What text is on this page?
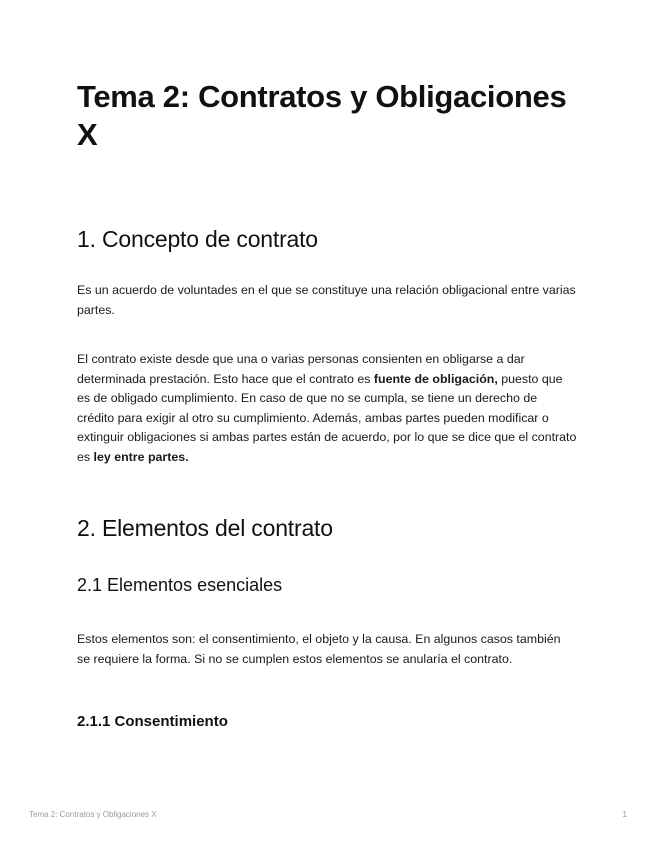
Tema 2: Contratos y Obligaciones X
1. Concepto de contrato

Es un acuerdo de voluntades en el que se constituye una relación obligacional entre varias partes.

El contrato existe desde que una o varias personas consienten en obligarse a dar determinada prestación. Esto hace que el contrato es fuente de obligación, puesto que es de obligado cumplimiento. En caso de que no se cumpla, se tiene un derecho de crédito para exigir al otro su cumplimiento. Además, ambas partes pueden modificar o extinguir obligaciones si ambas partes están de acuerdo, por lo que se dice que el contrato es ley entre partes.

2. Elementos del contrato
2.1 Elementos esenciales

Estos elementos son: el consentimiento, el objeto y la causa. En algunos casos también se requiere la forma. Si no se cumplen estos elementos se anularía el contrato.

2.1.1 Consentimiento
Tema 2: Contratos y Obligaciones X	1
